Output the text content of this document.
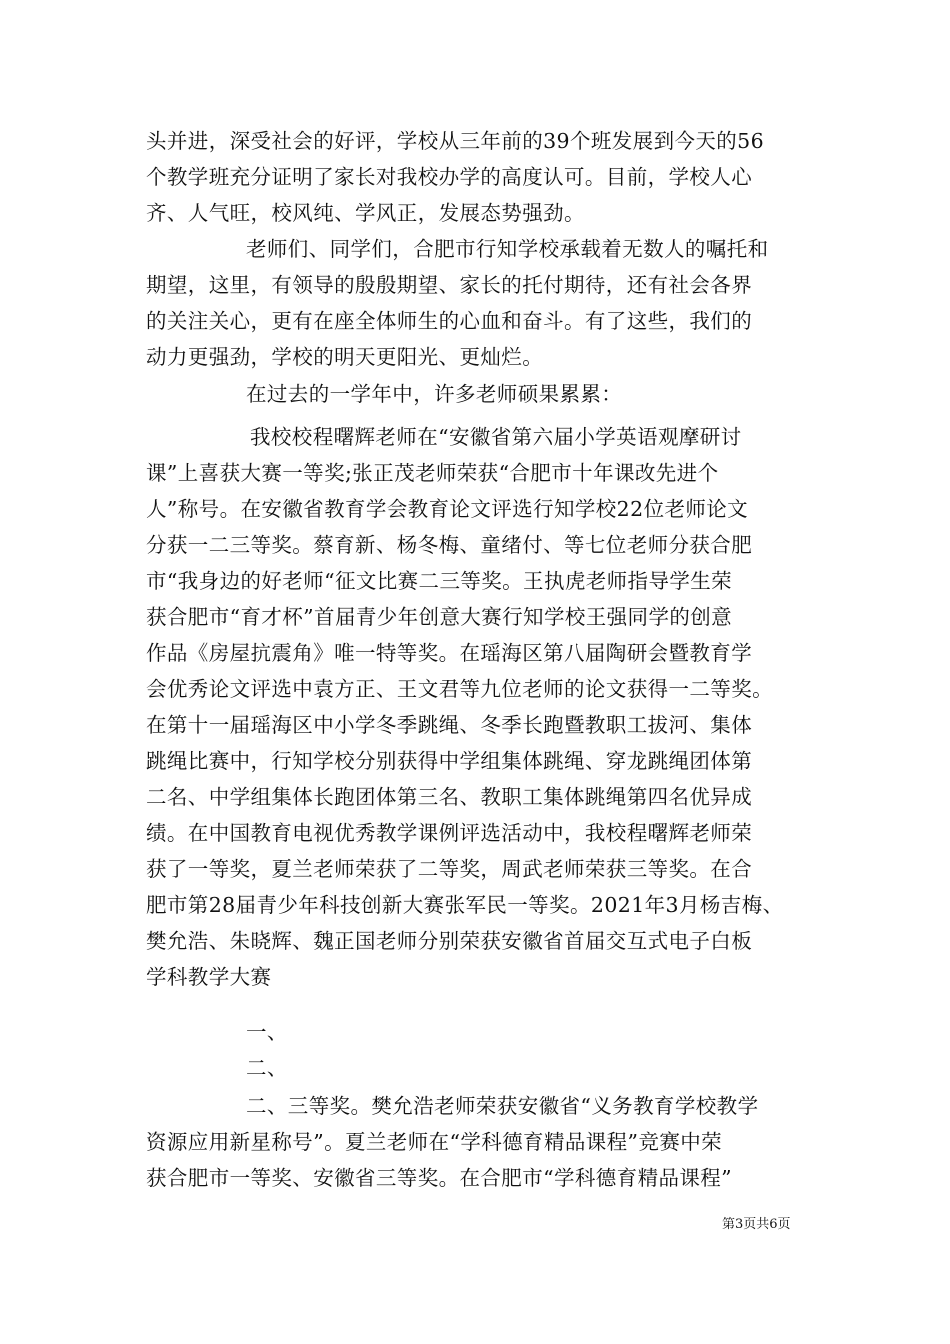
头并进，深受社会的好评，学校从三年前的39个班发展到今天的56

个教学班充分证明了家长对我校办学的高度认可。目前，学校人心

齐、人气旺，校风纯、学风正，发展态势强劲。

老师们、同学们，合肥市行知学校承载着无数人的嘱托和

期望，这里，有领导的殷殷期望、家长的托付期待，还有社会各界

的关注关心，更有在座全体师生的心血和奋斗。有了这些，我们的

动力更强劲，学校的明天更阳光、更灿烂。

在过去的一学年中，许多老师硕果累累：

我校校程曙辉老师在“安徽省第六届小学英语观摩研讨

课”上喜获大赛一等奖;张正茂老师荣获“合肥市十年课改先进个

人”称号。在安徽省教育学会教育论文评选行知学校22位老师论文

分获一二三等奖。蔡育新、杨冬梅、童绪付、等七位老师分获合肥

市“我身边的好老师“征文比赛二三等奖。王执虎老师指导学生荣

获合肥市“育才杯”首届青少年创意大赛行知学校王强同学的创意

作品《房屋抗震角》唯一特等奖。在瑶海区第八届陶研会暨教育学

会优秀论文评选中袁方正、王文君等九位老师的论文获得一二等奖。

在第十一届瑶海区中小学冬季跳绳、冬季长跑暨教职工拔河、集体

跳绳比赛中，行知学校分别获得中学组集体跳绳、穿龙跳绳团体第

二名、中学组集体长跑团体第三名、教职工集体跳绳第四名优异成

绩。在中国教育电视优秀教学课例评选活动中，我校程曙辉老师荣

获了一等奖，夏兰老师荣获了二等奖，周武老师荣获三等奖。在合

肥市第28届青少年科技创新大赛张军民一等奖。2021年3月杨吉梅、

樊允浩、朱晓辉、魏正国老师分别荣获安徽省首届交互式电子白板

学科教学大赛

一、

二、

二、三等奖。樊允浩老师荣获安徽省“义务教育学校教学

资源应用新星称号”。夏兰老师在“学科德育精品课程”竞赛中荣

获合肥市一等奖、安徽省三等奖。在合肥市“学科德育精品课程”

第3页共6页
